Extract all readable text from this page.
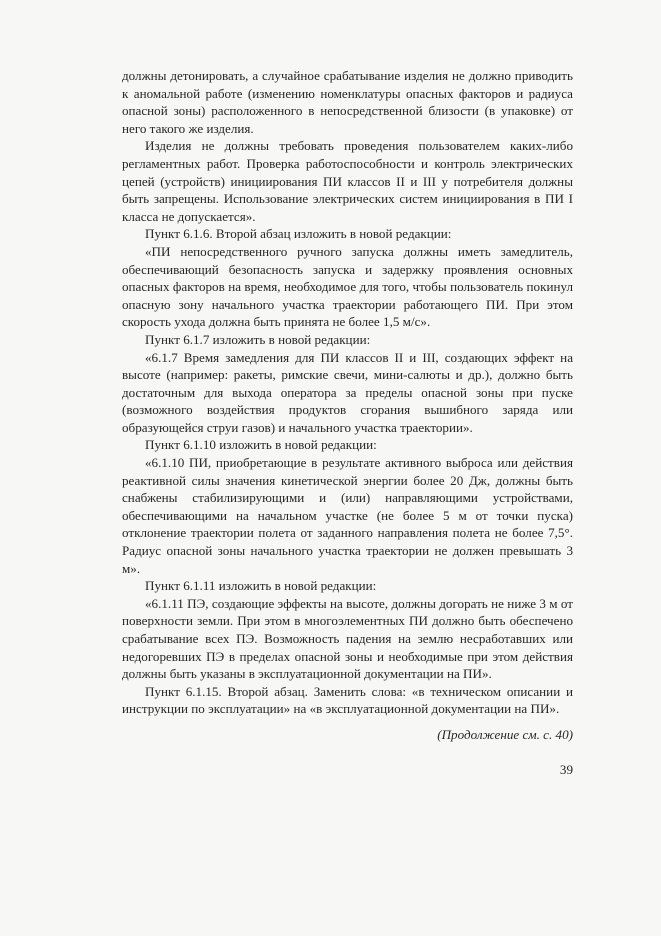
должны детонировать, а случайное срабатывание изделия не должно приводить к аномальной работе (изменению номенклатуры опасных факторов и радиуса опасной зоны) расположенного в непосредственной близости (в упаковке) от него такого же изделия.

Изделия не должны требовать проведения пользователем каких-либо регламентных работ. Проверка работоспособности и контроль электрических цепей (устройств) инициирования ПИ классов II и III у потребителя должны быть запрещены. Использование электрических систем инициирования в ПИ I класса не допускается».

Пункт 6.1.6. Второй абзац изложить в новой редакции:

«ПИ непосредственного ручного запуска должны иметь замедлитель, обеспечивающий безопасность запуска и задержку проявления основных опасных факторов на время, необходимое для того, чтобы пользователь покинул опасную зону начального участка траектории работающего ПИ. При этом скорость ухода должна быть принята не более 1,5 м/с».

Пункт 6.1.7 изложить в новой редакции:

«6.1.7 Время замедления для ПИ классов II и III, создающих эффект на высоте (например: ракеты, римские свечи, мини-салюты и др.), должно быть достаточным для выхода оператора за пределы опасной зоны при пуске (возможного воздействия продуктов сгорания вышибного заряда или образующейся струи газов) и начального участка траектории».

Пункт 6.1.10 изложить в новой редакции:

«6.1.10 ПИ, приобретающие в результате активного выброса или действия реактивной силы значения кинетической энергии более 20 Дж, должны быть снабжены стабилизирующими и (или) направляющими устройствами, обеспечивающими на начальном участке (не более 5 м от точки пуска) отклонение траектории полета от заданного направления полета не более 7,5°. Радиус опасной зоны начального участка траектории не должен превышать 3 м».

Пункт 6.1.11 изложить в новой редакции:

«6.1.11 ПЭ, создающие эффекты на высоте, должны догорать не ниже 3 м от поверхности земли. При этом в многоэлементных ПИ должно быть обеспечено срабатывание всех ПЭ. Возможность падения на землю несработавших или недогоревших ПЭ в пределах опасной зоны и необходимые при этом действия должны быть указаны в эксплуатационной документации на ПИ».

Пункт 6.1.15. Второй абзац. Заменить слова: «в техническом описании и инструкции по эксплуатации» на «в эксплуатационной документации на ПИ».

(Продолжение см. с. 40)

39
